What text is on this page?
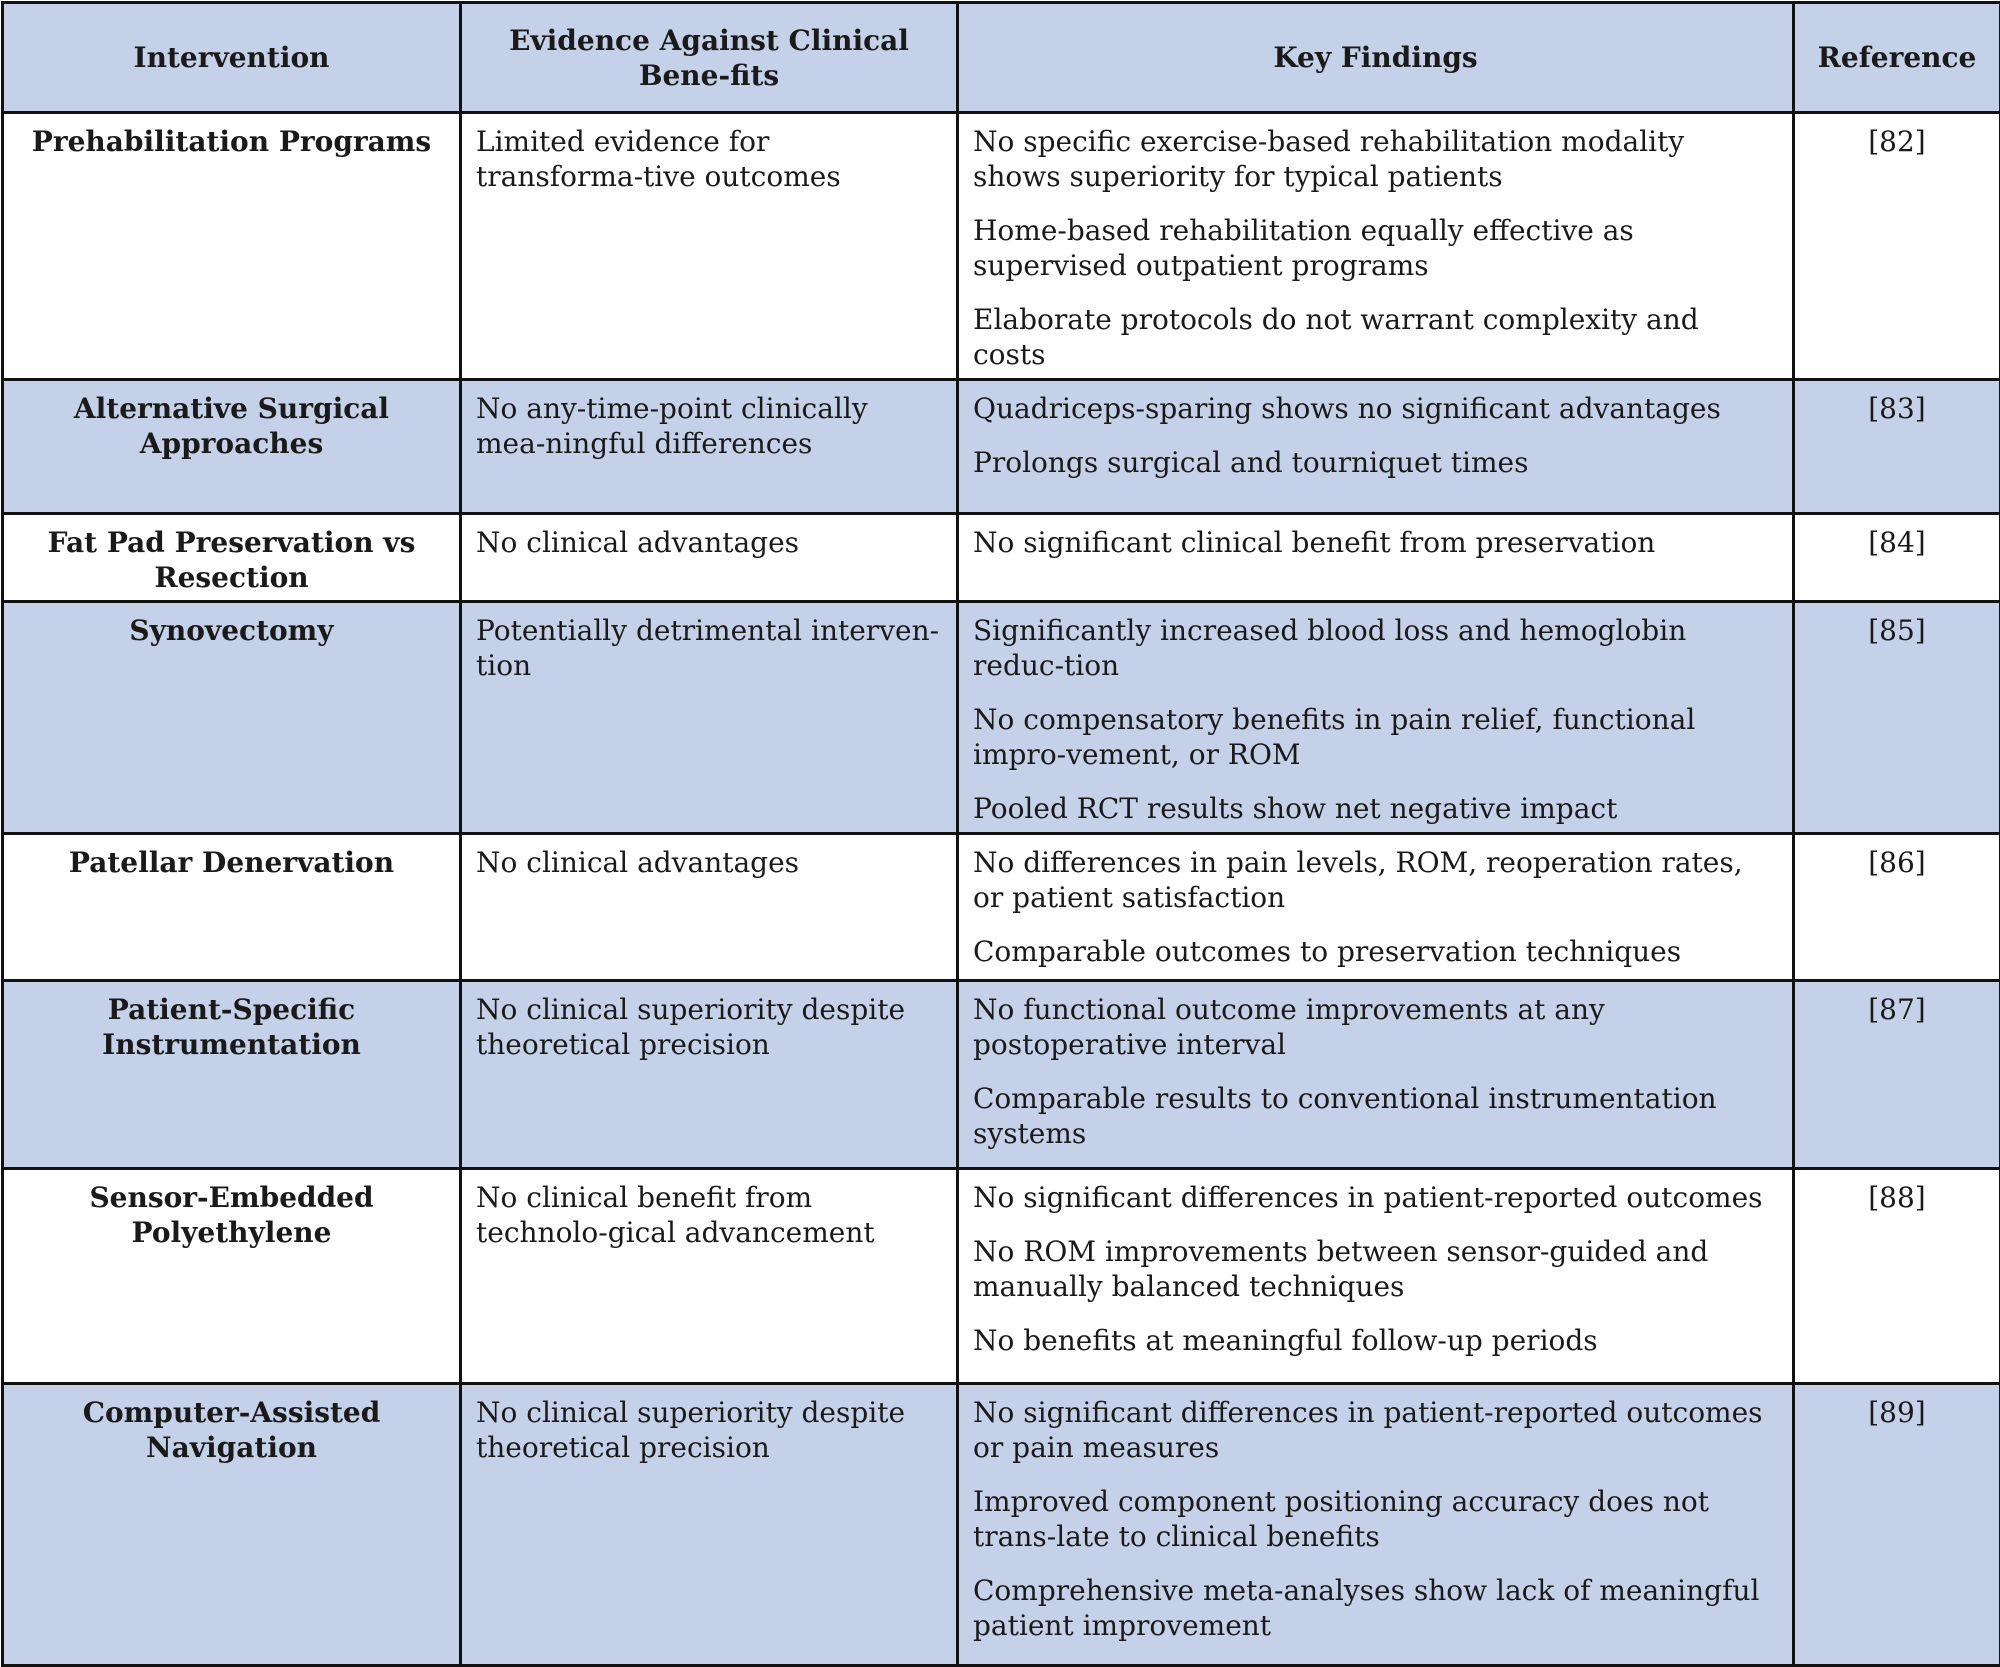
Intervention	Evidence Against Clinical Bene-fits	Key Findings	Reference
Prehabilitation Programs	Limited evidence for transforma-tive outcomes	No specific exercise-based rehabilitation modality shows superiority for typical patients
Home-based rehabilitation equally effective as supervised outpatient programs
Elaborate protocols do not warrant complexity and costs	[82]
Alternative Surgical Approaches	No any-time-point clinically mea-ningful differences	Quadriceps-sparing shows no significant advantages
Prolongs surgical and tourniquet times	[83]
Fat Pad Preservation vs Resection	No clinical advantages	No significant clinical benefit from preservation	[84]
Synovectomy	Potentially detrimental interven-tion	Significantly increased blood loss and hemoglobin reduc-tion
No compensatory benefits in pain relief, functional impro-vement, or ROM
Pooled RCT results show net negative impact	[85]
Patellar Denervation	No clinical advantages	No differences in pain levels, ROM, reoperation rates, or patient satisfaction
Comparable outcomes to preservation techniques	[86]
Patient-Specific Instrumentation	No clinical superiority despite theoretical precision	No functional outcome improvements at any postoperative interval
Comparable results to conventional instrumentation systems	[87]
Sensor-Embedded Polyethylene	No clinical benefit from technolo-gical advancement	No significant differences in patient-reported outcomes
No ROM improvements between sensor-guided and manually balanced techniques
No benefits at meaningful follow-up periods	[88]
Computer-Assisted Navigation	No clinical superiority despite theoretical precision	No significant differences in patient-reported outcomes or pain measures
Improved component positioning accuracy does not trans-late to clinical benefits
Comprehensive meta-analyses show lack of meaningful patient improvement	[89]
